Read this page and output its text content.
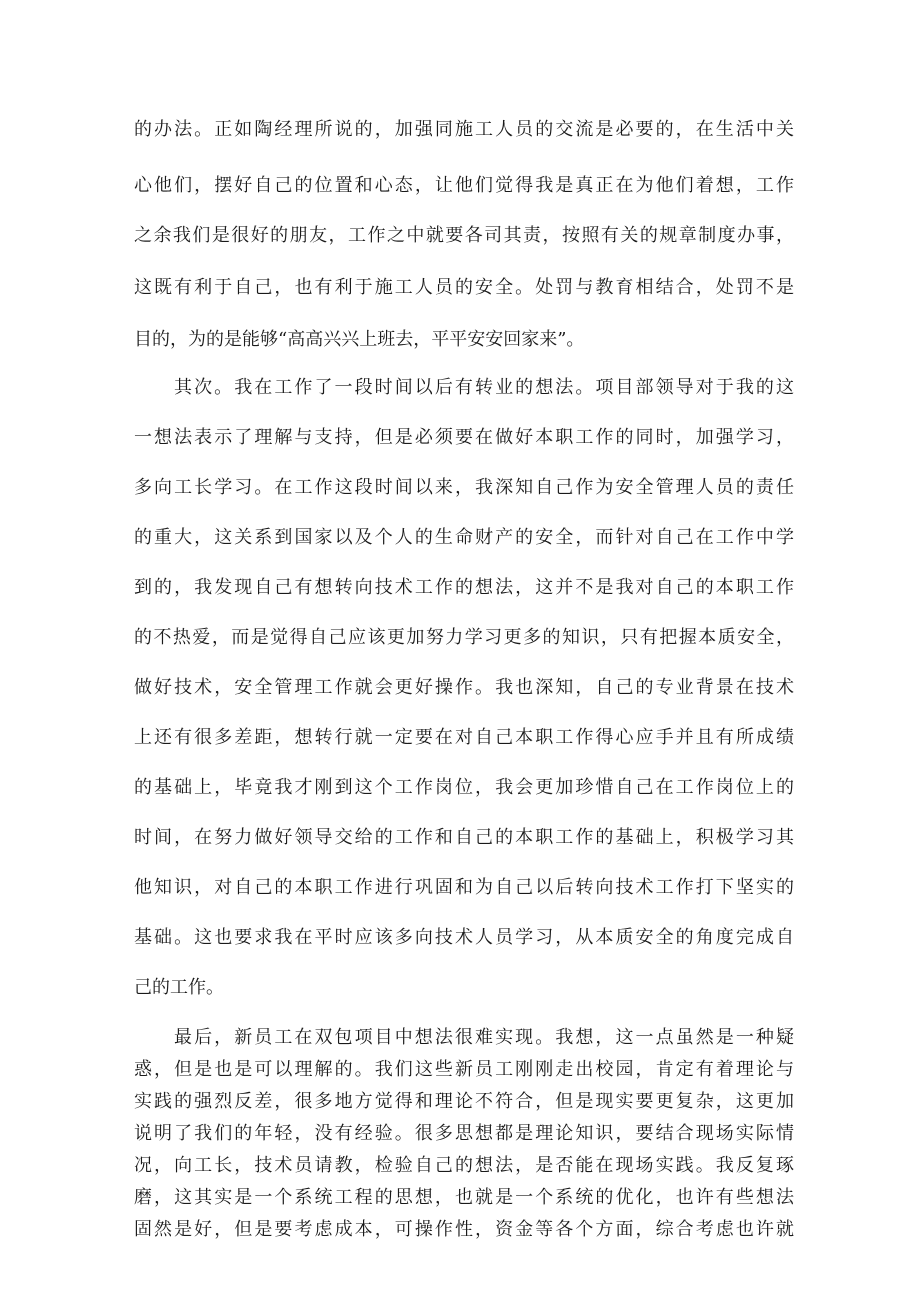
的办法。正如陶经理所说的，加强同施工人员的交流是必要的，在生活中关
心他们，摆好自己的位置和心态，让他们觉得我是真正在为他们着想，工作
之余我们是很好的朋友，工作之中就要各司其责，按照有关的规章制度办事，
这既有利于自己，也有利于施工人员的安全。处罚与教育相结合，处罚不是
目的，为的是能够“高高兴兴上班去，平平安安回家来”。
其次。我在工作了一段时间以后有转业的想法。项目部领导对于我的这
一想法表示了理解与支持，但是必须要在做好本职工作的同时，加强学习，
多向工长学习。在工作这段时间以来，我深知自己作为安全管理人员的责任
的重大，这关系到国家以及个人的生命财产的安全，而针对自己在工作中学
到的，我发现自己有想转向技术工作的想法，这并不是我对自己的本职工作
的不热爱，而是觉得自己应该更加努力学习更多的知识，只有把握本质安全，
做好技术，安全管理工作就会更好操作。我也深知，自己的专业背景在技术
上还有很多差距，想转行就一定要在对自己本职工作得心应手并且有所成绩
的基础上，毕竟我才刚到这个工作岗位，我会更加珍惜自己在工作岗位上的
时间，在努力做好领导交给的工作和自己的本职工作的基础上，积极学习其
他知识，对自己的本职工作进行巩固和为自己以后转向技术工作打下坚实的
基础。这也要求我在平时应该多向技术人员学习，从本质安全的角度完成自
己的工作。
最后，新员工在双包项目中想法很难实现。我想，这一点虽然是一种疑
惑，但是也是可以理解的。我们这些新员工刚刚走出校园，肯定有着理论与
实践的强烈反差，很多地方觉得和理论不符合，但是现实要更复杂，这更加
说明了我们的年轻，没有经验。很多思想都是理论知识，要结合现场实际情
况，向工长，技术员请教，检验自己的想法，是否能在现场实践。我反复琢
磨，这其实是一个系统工程的思想，也就是一个系统的优化，也许有些想法
固然是好，但是要考虑成本，可操作性，资金等各个方面，综合考虑也许就
